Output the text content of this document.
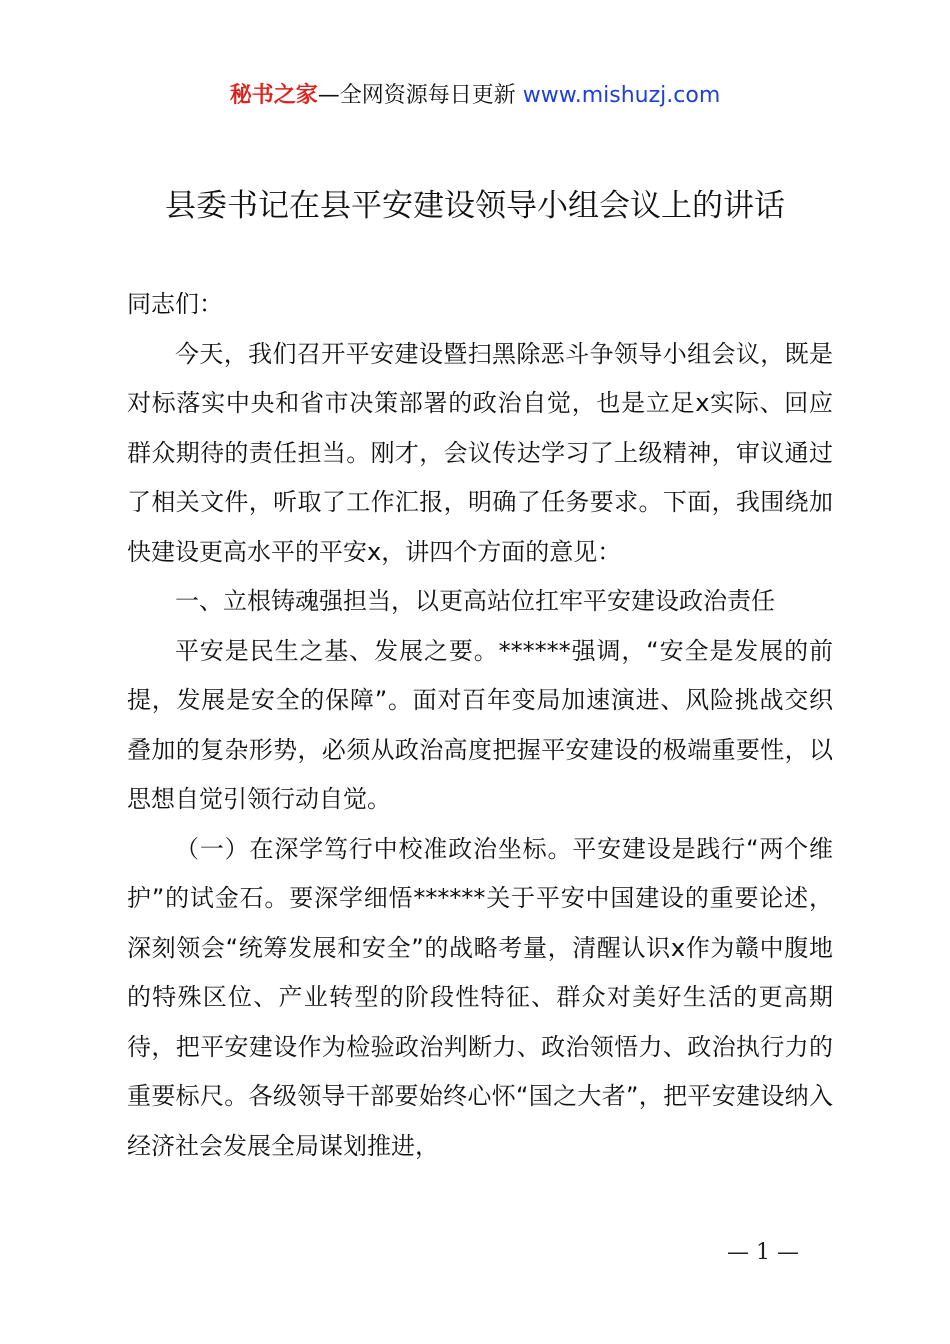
秘书之家—全网资源每日更新 www.mishuzj.com
县委书记在县平安建设领导小组会议上的讲话

同志们：

今天，我们召开平安建设暨扫黑除恶斗争领导小组会议，既是对标落实中央和省市决策部署的政治自觉，也是立足x实际、回应群众期待的责任担当。刚才，会议传达学习了上级精神，审议通过了相关文件，听取了工作汇报，明确了任务要求。下面，我围绕加快建设更高水平的平安x，讲四个方面的意见：

一、立根铸魂强担当，以更高站位扛牢平安建设政治责任

平安是民生之基、发展之要。******强调，“安全是发展的前提，发展是安全的保障”。面对百年变局加速演进、风险挑战交织叠加的复杂形势，必须从政治高度把握平安建设的极端重要性，以思想自觉引领行动自觉。

（一）在深学笃行中校准政治坐标。平安建设是践行“两个维护”的试金石。要深学细悟******关于平安中国建设的重要论述，深刻领会“统筹发展和安全”的战略考量，清醒认识x作为赣中腹地的特殊区位、产业转型的阶段性特征、群众对美好生活的更高期待，把平安建设作为检验政治判断力、政治领悟力、政治执行力的重要标尺。各级领导干部要始终心怀“国之大者”，把平安建设纳入经济社会发展全局谋划推进，

— 1 —
